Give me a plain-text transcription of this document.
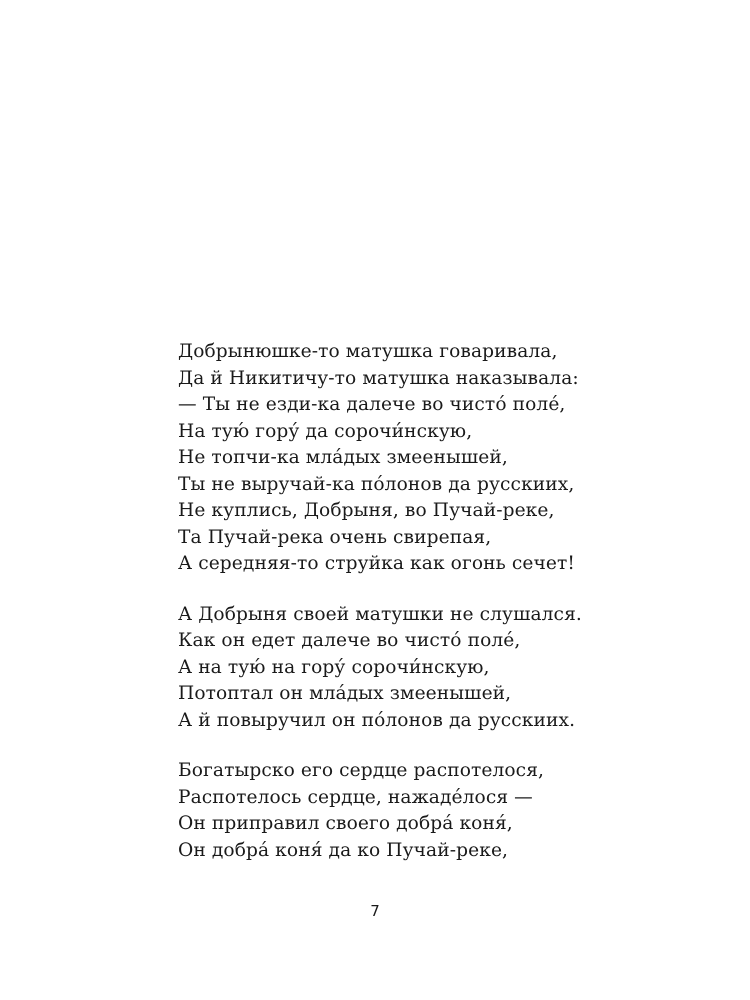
Добрынюшке-то матушка говаривала,
Да й Никитичу-то матушка наказывала:
— Ты не езди-ка далече во чисто́ поле́,
На тую́ гору́ да сорочи́нскую,
Не топчи-ка мла́дых змеенышей,
Ты не выручай-ка по́лонов да русскиих,
Не куплись, Добрыня, во Пучай-реке,
Та Пучай-река очень свирепая,
А середняя-то струйка как огонь сечет!
А Добрыня своей матушки не слушался.
Как он едет далече во чисто́ поле́,
А на тую́ на гору́ сорочи́нскую,
Потоптал он мла́дых змеенышей,
А й повыручил он по́лонов да русскиих.
Богатырско его сердце распотелося,
Распотелось сердце, нажаде́лося —
Он приправил своего добра́ коня́,
Он добра́ коня́ да ко Пучай-реке,
7
